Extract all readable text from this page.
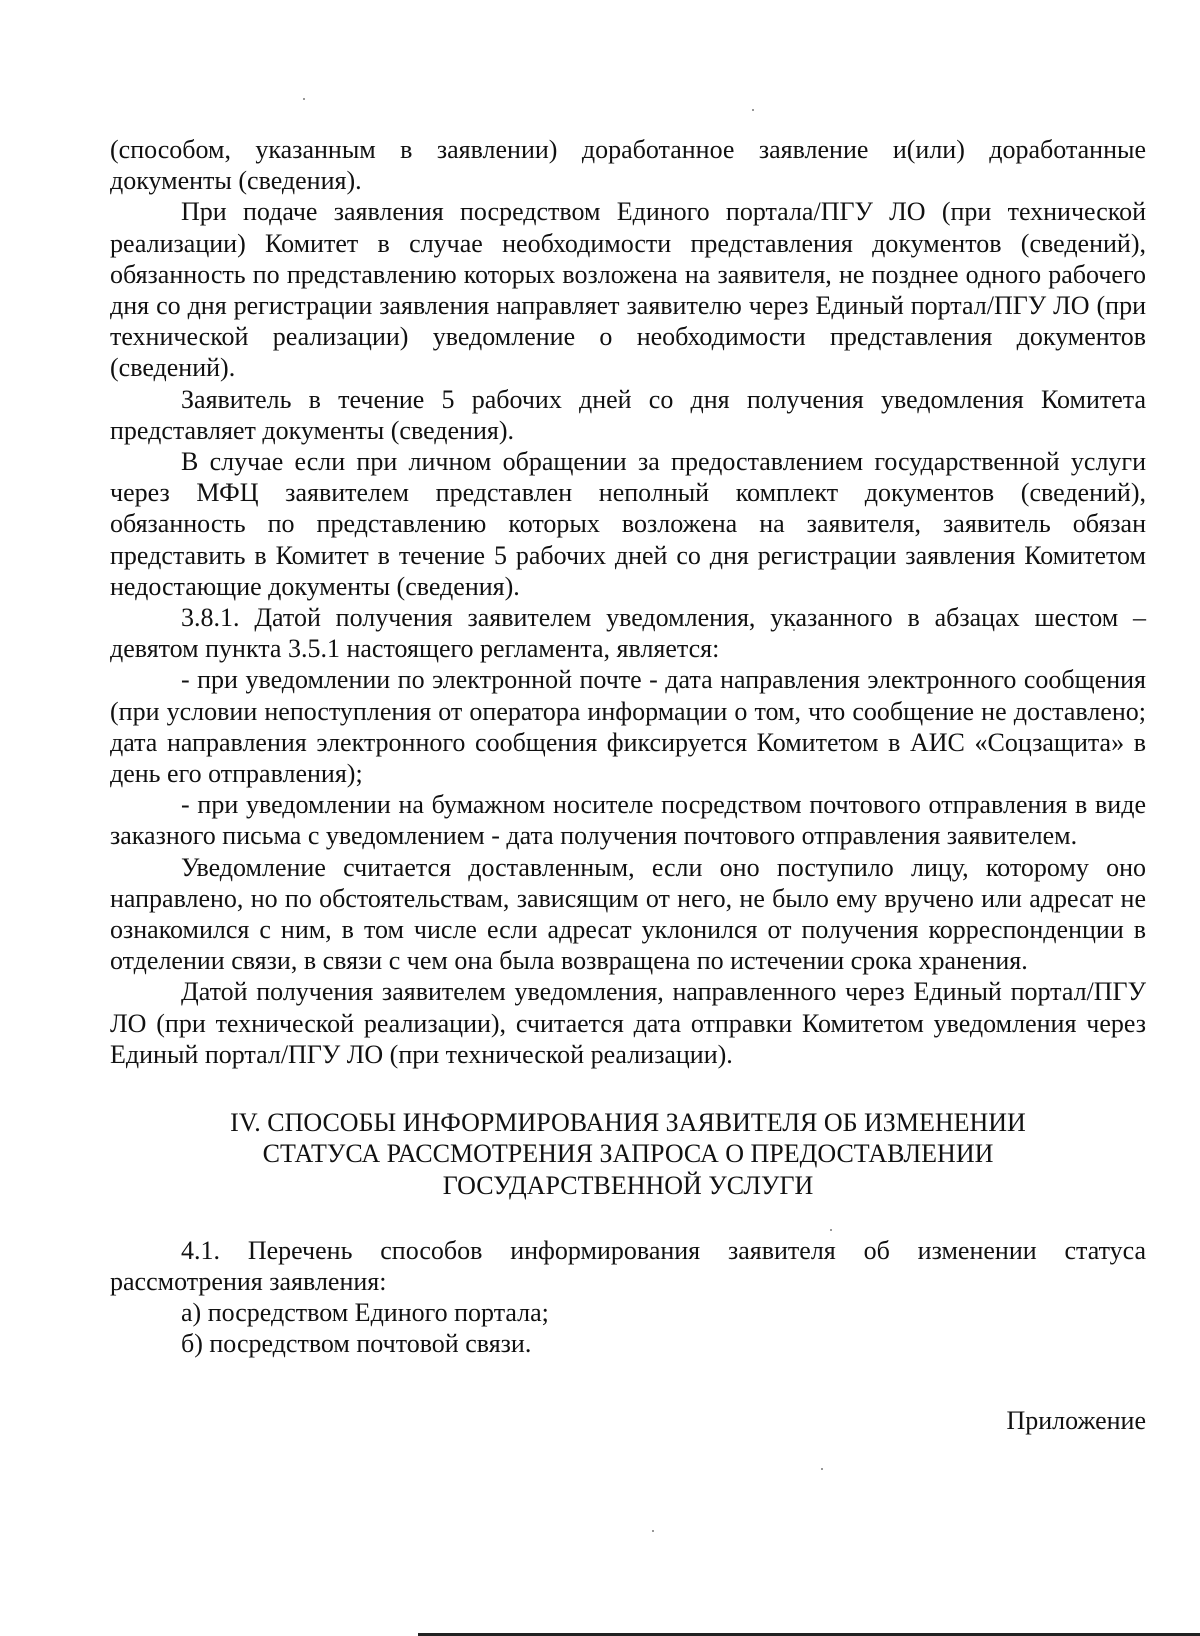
(способом, указанным в заявлении) доработанное заявление и(или) доработанные документы (сведения).

При подаче заявления посредством Единого портала/ПГУ ЛО (при технической реализации) Комитет в случае необходимости представления документов (сведений), обязанность по представлению которых возложена на заявителя, не позднее одного рабочего дня со дня регистрации заявления направляет заявителю через Единый портал/ПГУ ЛО (при технической реализации) уведомление о необходимости представления документов (сведений).

Заявитель в течение 5 рабочих дней со дня получения уведомления Комитета представляет документы (сведения).

В случае если при личном обращении за предоставлением государственной услуги через МФЦ заявителем представлен неполный комплект документов (сведений), обязанность по представлению которых возложена на заявителя, заявитель обязан представить в Комитет в течение 5 рабочих дней со дня регистрации заявления Комитетом недостающие документы (сведения).

3.8.1. Датой получения заявителем уведомления, указанного в абзацах шестом – девятом пункта 3.5.1 настоящего регламента, является:

- при уведомлении по электронной почте - дата направления электронного сообщения (при условии непоступления от оператора информации о том, что сообщение не доставлено; дата направления электронного сообщения фиксируется Комитетом в АИС «Соцзащита» в день его отправления);

- при уведомлении на бумажном носителе посредством почтового отправления в виде заказного письма с уведомлением - дата получения почтового отправления заявителем.

Уведомление считается доставленным, если оно поступило лицу, которому оно направлено, но по обстоятельствам, зависящим от него, не было ему вручено или адресат не ознакомился с ним, в том числе если адресат уклонился от получения корреспонденции в отделении связи, в связи с чем она была возвращена по истечении срока хранения.

Датой получения заявителем уведомления, направленного через Единый портал/ПГУ ЛО (при технической реализации), считается дата отправки Комитетом уведомления через Единый портал/ПГУ ЛО (при технической реализации).

IV. СПОСОБЫ ИНФОРМИРОВАНИЯ ЗАЯВИТЕЛЯ ОБ ИЗМЕНЕНИИ
СТАТУСА РАССМОТРЕНИЯ ЗАПРОСА О ПРЕДОСТАВЛЕНИИ
ГОСУДАРСТВЕННОЙ УСЛУГИ

4.1. Перечень способов информирования заявителя об изменении статуса рассмотрения заявления:

а) посредством Единого портала;

б) посредством почтовой связи.

Приложение
